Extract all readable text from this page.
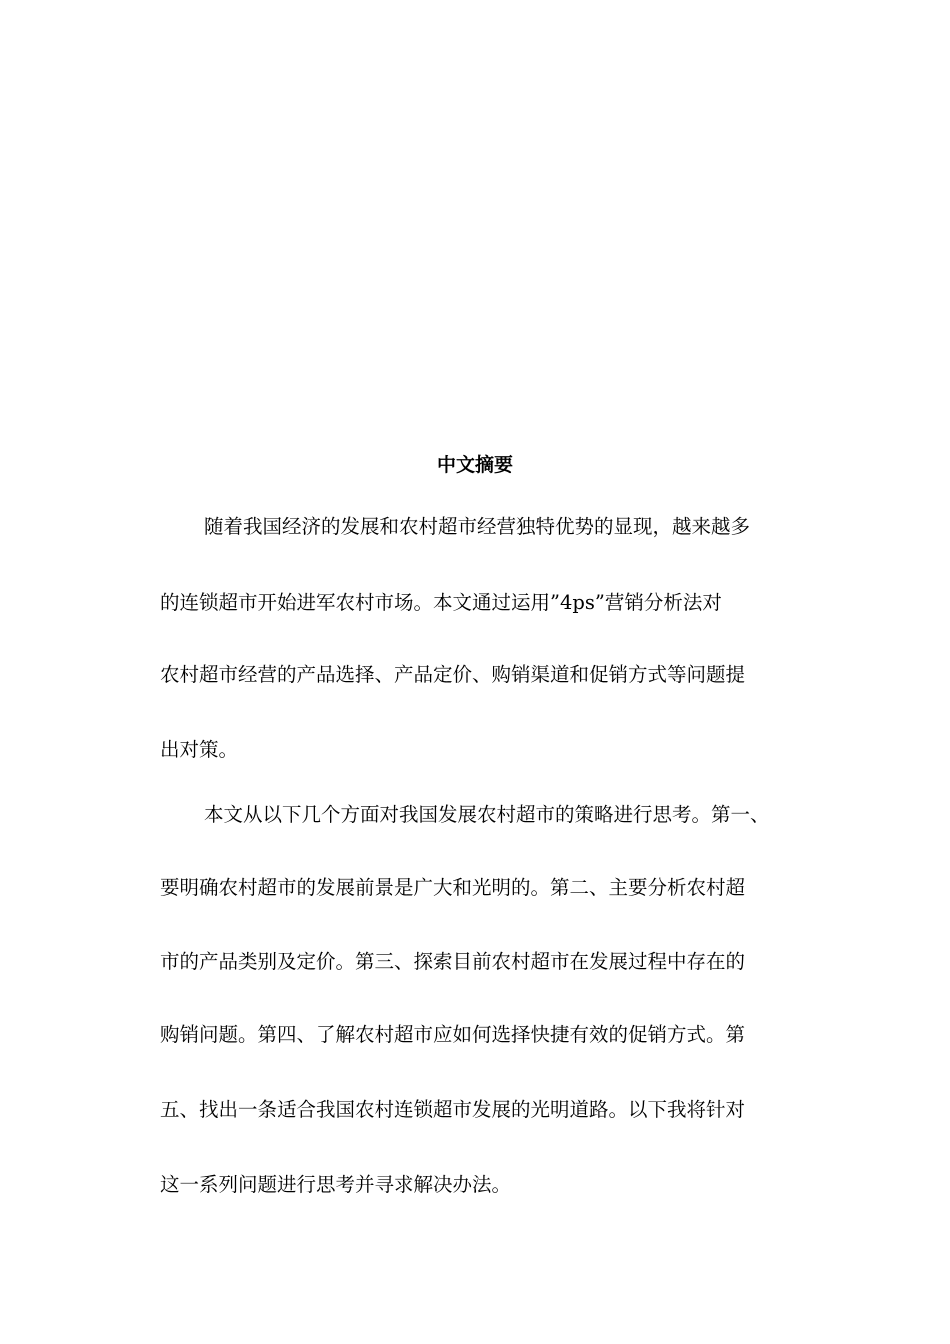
中文摘要

随着我国经济的发展和农村超市经营独特优势的显现，越来越多

的连锁超市开始进军农村市场。本文通过运用”4ps”营销分析法对

农村超市经营的产品选择、产品定价、购销渠道和促销方式等问题提

出对策。

本文从以下几个方面对我国发展农村超市的策略进行思考。第一、

要明确农村超市的发展前景是广大和光明的。第二、主要分析农村超

市的产品类别及定价。第三、探索目前农村超市在发展过程中存在的

购销问题。第四、了解农村超市应如何选择快捷有效的促销方式。第

五、找出一条适合我国农村连锁超市发展的光明道路。以下我将针对

这一系列问题进行思考并寻求解决办法。
